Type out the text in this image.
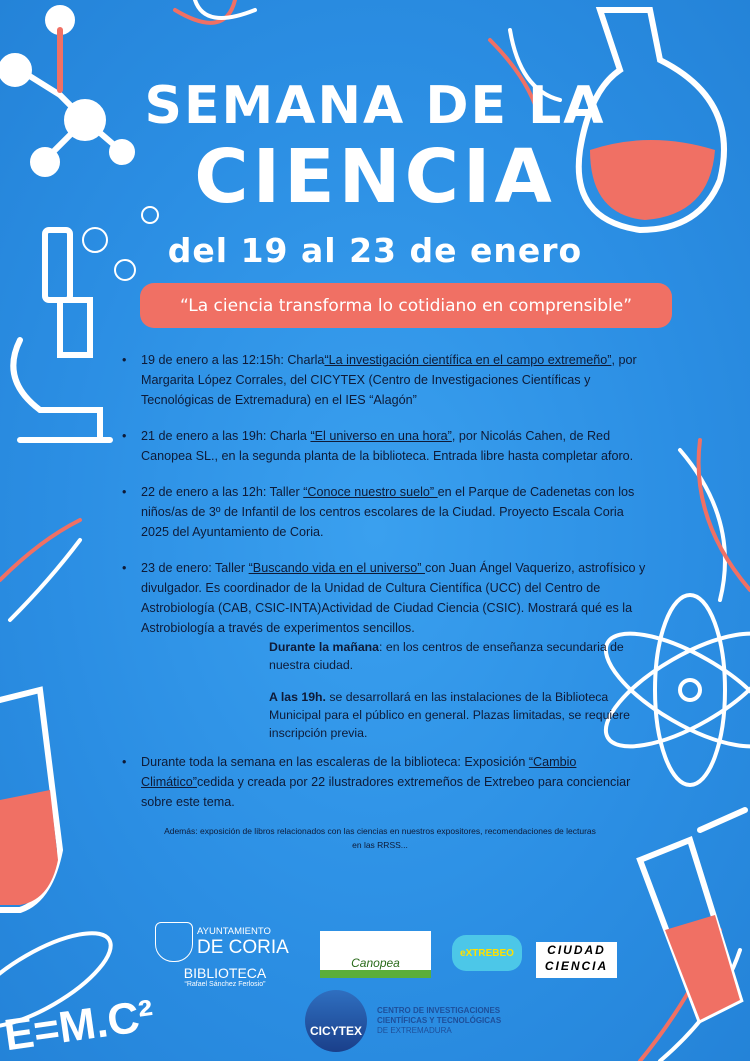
SEMANA DE LA
CIENCIA
del 19 al 23 de enero
“La ciencia transforma lo cotidiano en comprensible”
• 19 de enero a las 12:15h: Charla“La investigación científica en el campo extremeño”, por Margarita López Corrales, del CICYTEX (Centro de Investigaciones Científicas y Tecnológicas de Extremadura) en el IES “Alagón”
• 21 de enero a las 19h: Charla “El universo en una hora”, por Nicolás Cahen, de Red Canopea SL., en la segunda planta de la biblioteca. Entrada libre hasta completar aforo.
• 22 de enero a las 12h: Taller “Conoce nuestro suelo” en el Parque de Cadenetas con los niños/as de 3º de Infantil de los centros escolares de la Ciudad. Proyecto Escala Coria 2025 del Ayuntamiento de Coria.
• 23 de enero: Taller “Buscando vida en el universo” con Juan Ángel Vaquerizo, astrofísico y divulgador. Es coordinador de la Unidad de Cultura Científica (UCC) del Centro de Astrobiología (CAB, CSIC-INTA)Actividad de Ciudad Ciencia (CSIC). Mostrará qué es la Astrobiología a través de experimentos sencillos.

Durante la mañana: en los centros de enseñanza secundaria de nuestra ciudad.

A las 19h. se desarrollará en las instalaciones de la Biblioteca Municipal para el público en general. Plazas limitadas, se requiere inscripción previa.

• Durante toda la semana en las escaleras de la biblioteca: Exposición “Cambio Climático”cedida y creada por 22 ilustradores extremeños de Extrebeo para concienciar sobre este tema.
Además: exposición de libros relacionados con las ciencias en nuestros expositores, recomendaciones de lecturas en las RRSS...
AYUNTAMIENTO
DE CORIA
BIBLIOTECA
“Rafael Sánchez Ferlosio”
E=M.C²
Canopea
eXTREBEO	CIUDAD
CIENCIA
CICYTEX
CENTRO DE INVESTIGACIONES
CIENTÍFICAS Y TECNOLÓGICAS
DE EXTREMADURA
